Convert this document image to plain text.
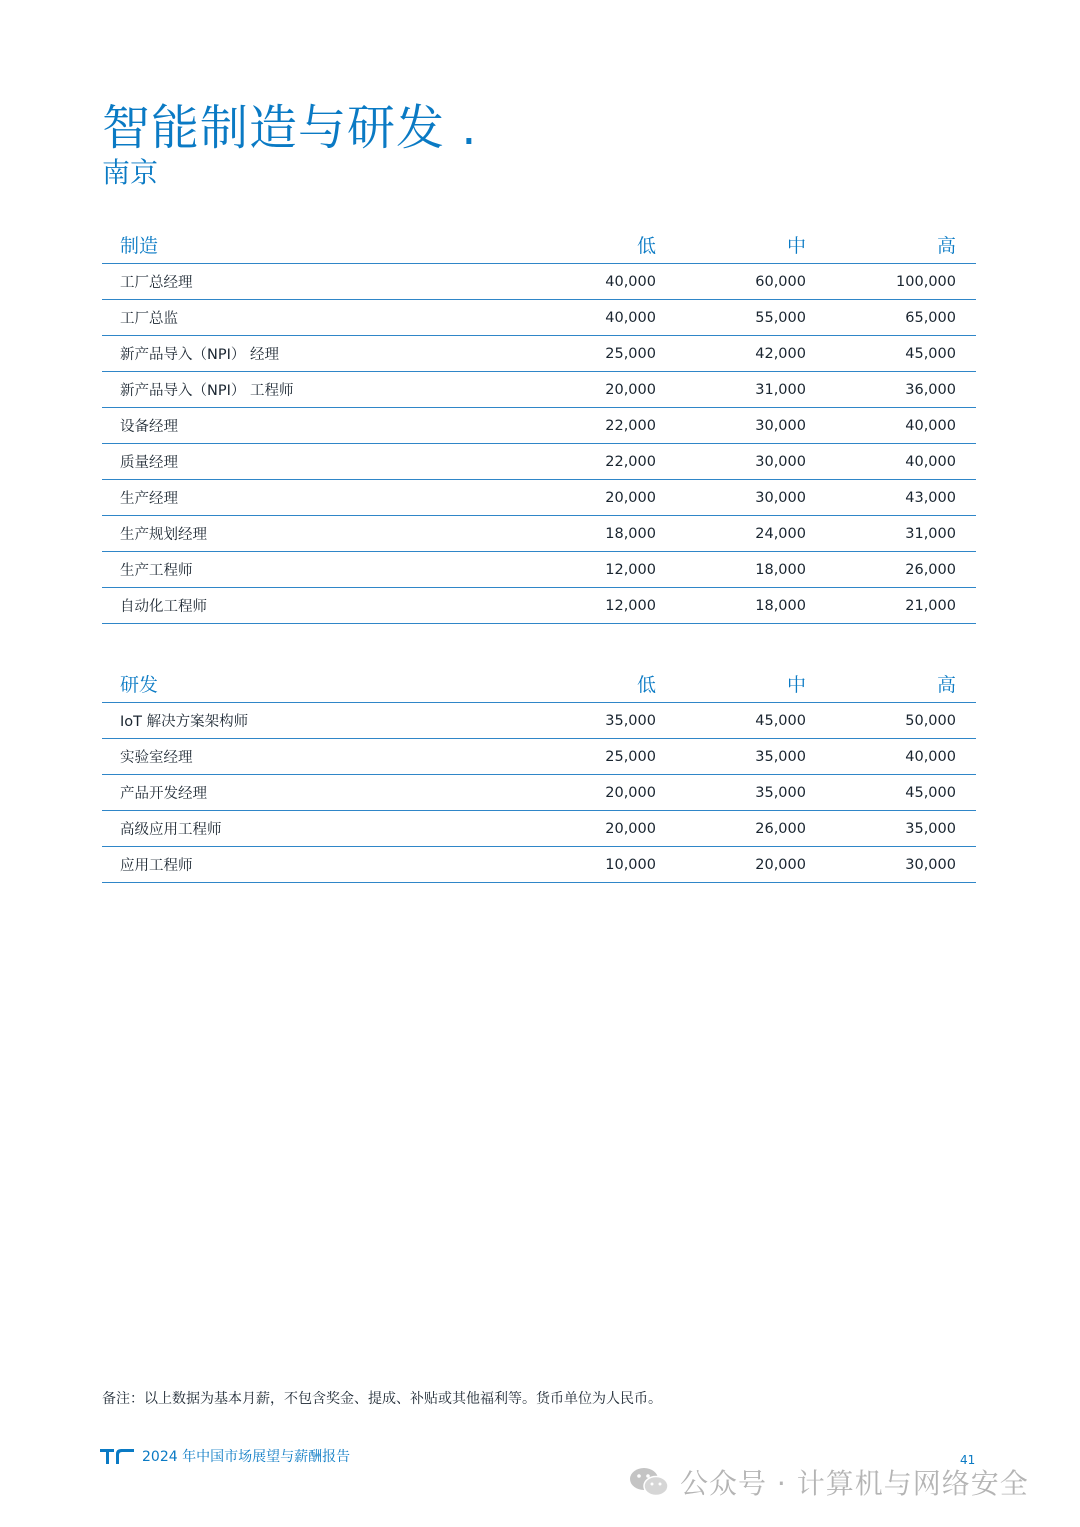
智能制造与研发 .
南京
制造	低	中	高
工厂总经理	40,000	60,000	100,000
工厂总监	40,000	55,000	65,000
新产品导入（NPI） 经理	25,000	42,000	45,000
新产品导入（NPI） 工程师	20,000	31,000	36,000
设备经理	22,000	30,000	40,000
质量经理	22,000	30,000	40,000
生产经理	20,000	30,000	43,000
生产规划经理	18,000	24,000	31,000
生产工程师	12,000	18,000	26,000
自动化工程师	12,000	18,000	21,000
研发	低	中	高
IoT 解决方案架构师	35,000	45,000	50,000
实验室经理	25,000	35,000	40,000
产品开发经理	20,000	35,000	45,000
高级应用工程师	20,000	26,000	35,000
应用工程师	10,000	20,000	30,000
备注：以上数据为基本月薪，不包含奖金、提成、补贴或其他福利等。货币单位为人民币。
2024 年中国市场展望与薪酬报告	41
公众号 · 计算机与网络安全
